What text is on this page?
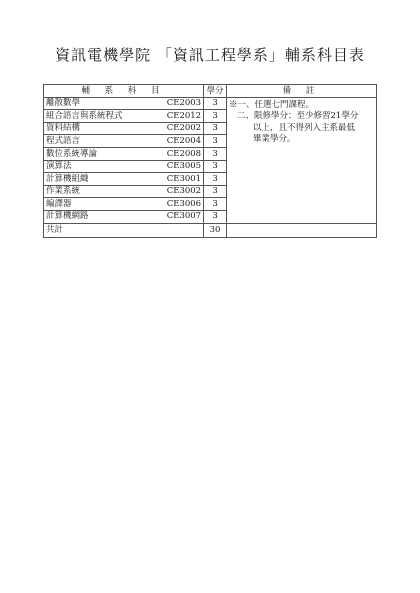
資訊電機學院 「資訊工程學系」輔系科目表
輔 系 科 目	學分	備 註

離散數學 CE2003	3	※一、任選七門課程。
二、限修學分：至少修習21學分
以上，且不得列入主系最低
畢業學分。

組合語言與系統程式 CE2012	3	

資料結構 CE2002	3	

程式語言 CE2004	3	

數位系統導論 CE2008	3	

演算法 CE3005	3	

計算機組織 CE3001	3	

作業系統 CE3002	3	

編譯器 CE3006	3	

計算機網路 CE3007	3	
共計	30	
